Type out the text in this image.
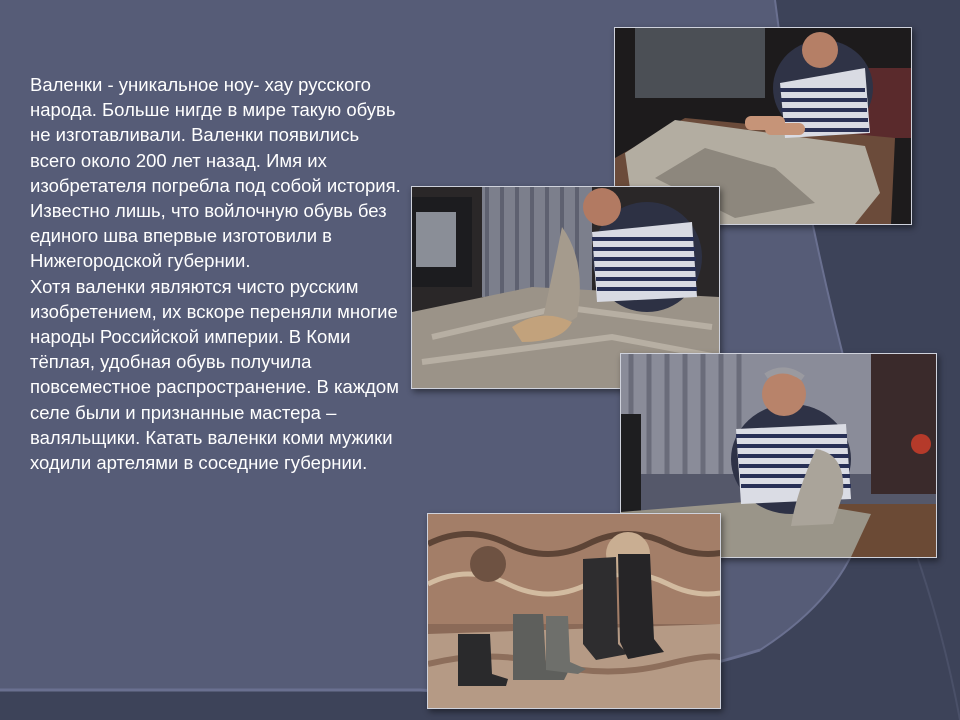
Валенки - уникальное ноу- хау русского народа. Больше нигде в мире такую обувь не изготавливали. Валенки появились всего около 200 лет назад. Имя их изобретателя погребла под собой история. Известно лишь, что войлочную обувь без единого шва впервые изготовили в Нижегородской губернии.

Хотя валенки являются чисто русским изобретением, их вскоре переняли многие народы Российской империи. В Коми тёплая, удобная обувь получила повсеместное распространение. В каждом селе были и признанные мастера – валяльщики. Катать валенки коми мужики ходили артелями в соседние губернии.
